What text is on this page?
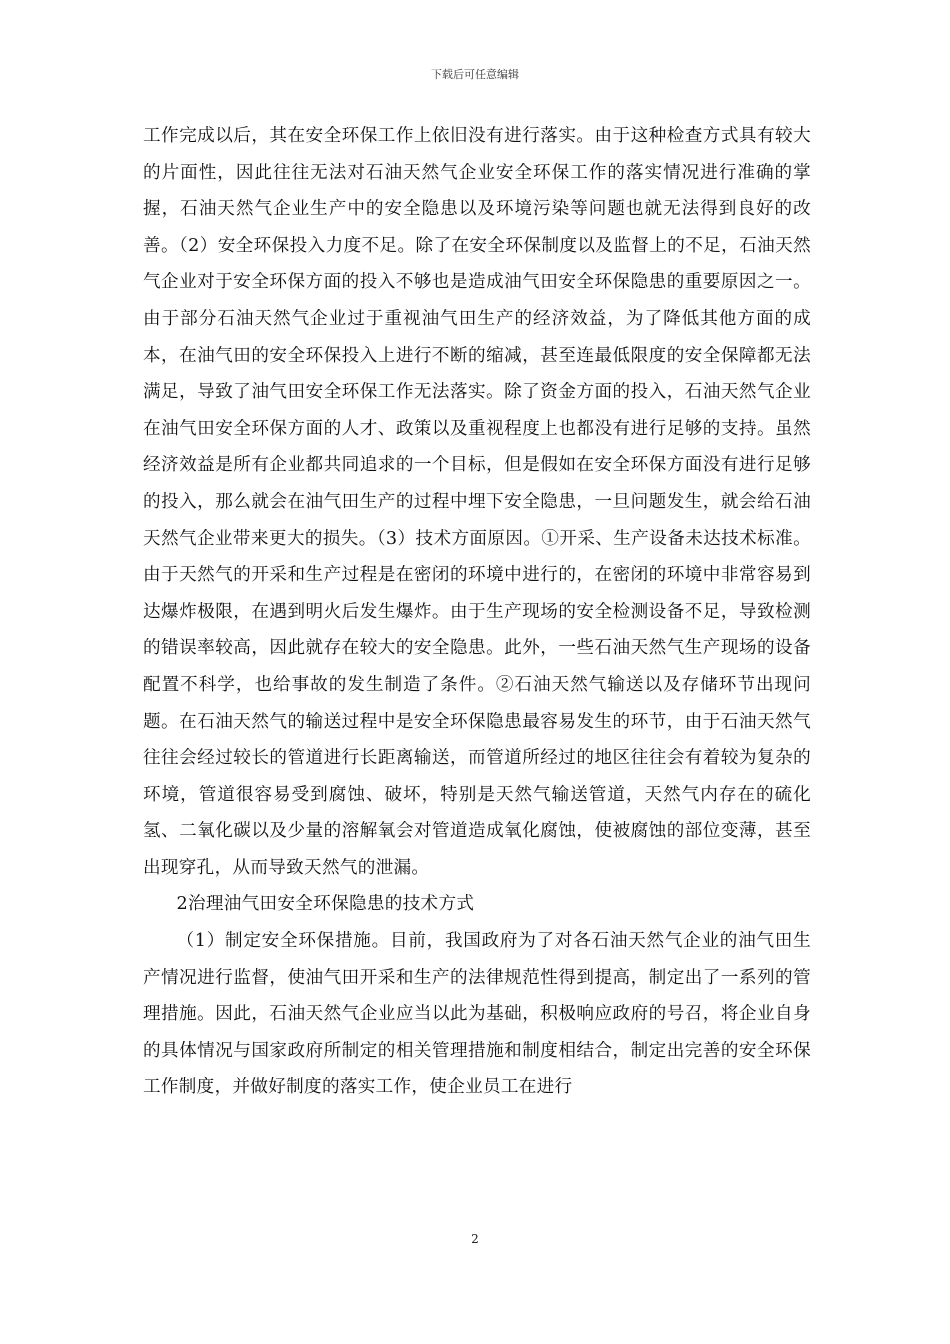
下载后可任意编辑

工作完成以后，其在安全环保工作上依旧没有进行落实。由于这种检查方式具有较大的片面性，因此往往无法对石油天然气企业安全环保工作的落实情况进行准确的掌握，石油天然气企业生产中的安全隐患以及环境污染等问题也就无法得到良好的改善。（2）安全环保投入力度不足。除了在安全环保制度以及监督上的不足，石油天然气企业对于安全环保方面的投入不够也是造成油气田安全环保隐患的重要原因之一。由于部分石油天然气企业过于重视油气田生产的经济效益，为了降低其他方面的成本，在油气田的安全环保投入上进行不断的缩减，甚至连最低限度的安全保障都无法满足，导致了油气田安全环保工作无法落实。除了资金方面的投入，石油天然气企业在油气田安全环保方面的人才、政策以及重视程度上也都没有进行足够的支持。虽然经济效益是所有企业都共同追求的一个目标，但是假如在安全环保方面没有进行足够的投入，那么就会在油气田生产的过程中埋下安全隐患，一旦问题发生，就会给石油天然气企业带来更大的损失。（3）技术方面原因。①开采、生产设备未达技术标准。由于天然气的开采和生产过程是在密闭的环境中进行的，在密闭的环境中非常容易到达爆炸极限，在遇到明火后发生爆炸。由于生产现场的安全检测设备不足，导致检测的错误率较高，因此就存在较大的安全隐患。此外，一些石油天然气生产现场的设备配置不科学，也给事故的发生制造了条件。②石油天然气输送以及存储环节出现问题。在石油天然气的输送过程中是安全环保隐患最容易发生的环节，由于石油天然气往往会经过较长的管道进行长距离输送，而管道所经过的地区往往会有着较为复杂的环境，管道很容易受到腐蚀、破坏，特别是天然气输送管道，天然气内存在的硫化氢、二氧化碳以及少量的溶解氧会对管道造成氧化腐蚀，使被腐蚀的部位变薄，甚至出现穿孔，从而导致天然气的泄漏。

2治理油气田安全环保隐患的技术方式

（1）制定安全环保措施。目前，我国政府为了对各石油天然气企业的油气田生产情况进行监督，使油气田开采和生产的法律规范性得到提高，制定出了一系列的管理措施。因此，石油天然气企业应当以此为基础，积极响应政府的号召，将企业自身的具体情况与国家政府所制定的相关管理措施和制度相结合，制定出完善的安全环保工作制度，并做好制度的落实工作，使企业员工在进行

2
